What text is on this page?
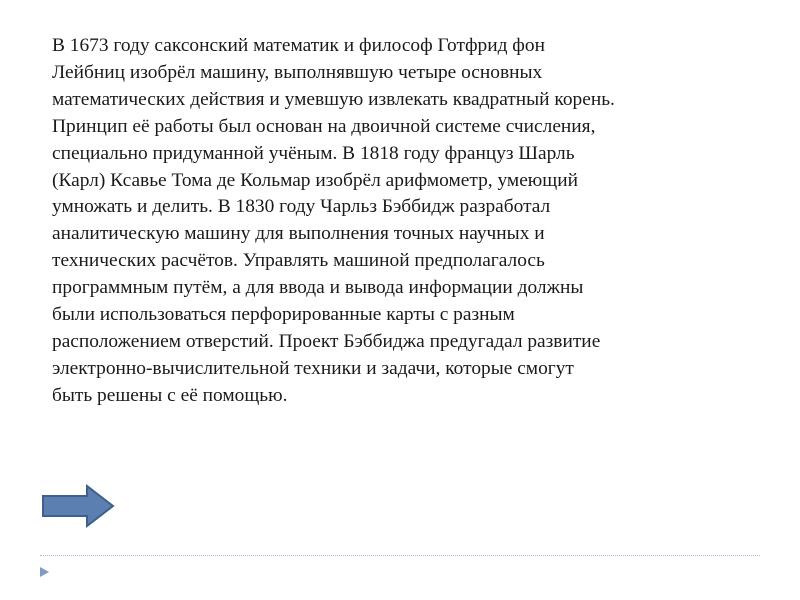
В 1673 году саксонский математик и философ Готфрид фон
Лейбниц изобрёл машину, выполнявшую четыре основных
математических действия и умевшую извлекать квадратный корень.
Принцип её работы был основан на двоичной системе счисления,
специально придуманной учёным. В 1818 году француз Шарль
(Карл) Ксавье Тома де Кольмар изобрёл арифмометр, умеющий
умножать и делить. В 1830 году Чарльз Бэббидж разработал
аналитическую машину для выполнения точных научных и
технических расчётов. Управлять машиной предполагалось
программным путём, а для ввода и вывода информации должны
были использоваться перфорированные карты с разным
расположением отверстий. Проект Бэббиджа предугадал развитие
электронно-вычислительной техники и задачи, которые смогут
быть решены с её помощью.
